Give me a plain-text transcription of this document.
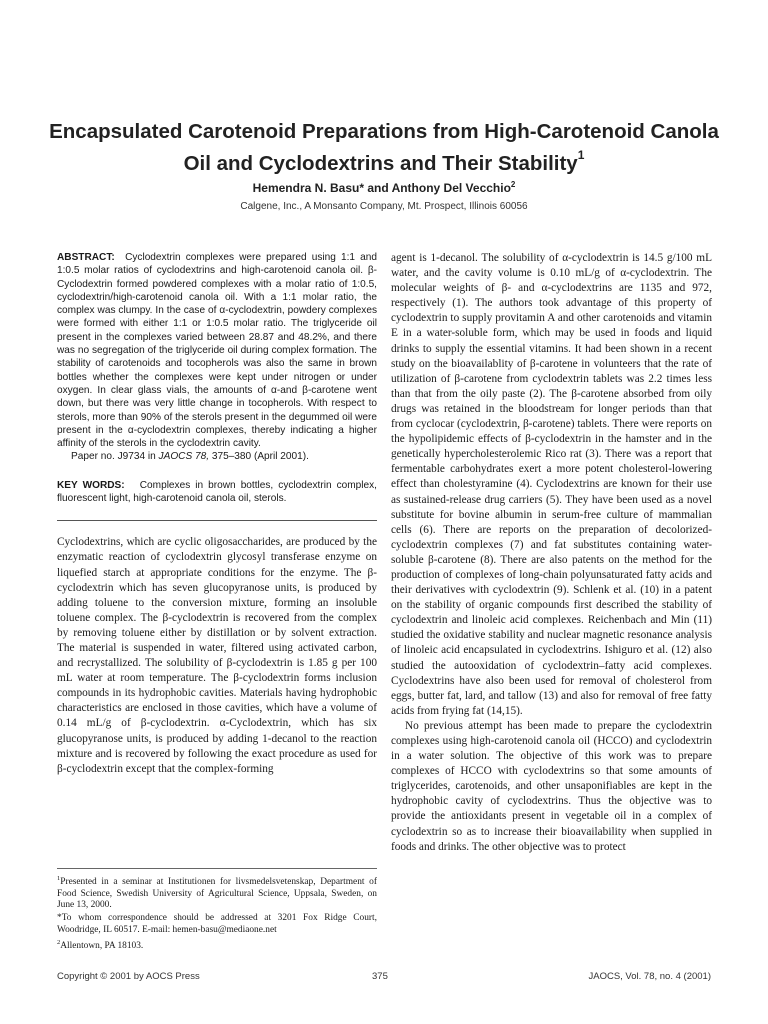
Encapsulated Carotenoid Preparations from High-Carotenoid Canola Oil and Cyclodextrins and Their Stability$^1$
Hemendra N. Basu* and Anthony Del Vecchio$^2$
Calgene, Inc., A Monsanto Company, Mt. Prospect, Illinois 60056

ABSTRACT: Cyclodextrin complexes were prepared using 1:1 and 1:0.5 molar ratios of cyclodextrins and high-carotenoid canola oil. β-Cyclodextrin formed powdered complexes with a molar ratio of 1:0.5, cyclodextrin/high-carotenoid canola oil. With a 1:1 molar ratio, the complex was clumpy. In the case of α-cyclodextrin, powdery complexes were formed with either 1:1 or 1:0.5 molar ratio. The triglyceride oil present in the complexes varied between 28.87 and 48.2%, and there was no segregation of the triglyceride oil during complex formation. The stability of carotenoids and tocopherols was also the same in brown bottles whether the complexes were kept under nitrogen or under oxygen. In clear glass vials, the amounts of α-and β-carotene went down, but there was very little change in tocopherols. With respect to sterols, more than 90% of the sterols present in the degummed oil were present in the α-cyclodextrin complexes, thereby indicating a higher affinity of the sterols in the cyclodextrin cavity.

Paper no. J9734 in JAOCS 78, 375–380 (April 2001).

KEY WORDS: Complexes in brown bottles, cyclodextrin complex, fluorescent light, high-carotenoid canola oil, sterols.

Cyclodextrins, which are cyclic oligosaccharides, are produced by the enzymatic reaction of cyclodextrin glycosyl transferase enzyme on liquefied starch at appropriate conditions for the enzyme. The β-cyclodextrin which has seven glucopyranose units, is produced by adding toluene to the conversion mixture, forming an insoluble toluene complex. The β-cyclodextrin is recovered from the complex by removing toluene either by distillation or by solvent extraction. The material is suspended in water, filtered using activated carbon, and recrystallized. The solubility of β-cyclodextrin is 1.85 g per 100 mL water at room temperature. The β-cyclodextrin forms inclusion compounds in its hydrophobic cavities. Materials having hydrophobic characteristics are enclosed in those cavities, which have a volume of 0.14 mL/g of β-cyclodextrin. α-Cyclodextrin, which has six glucopyranose units, is produced by adding 1-decanol to the reaction mixture and is recovered by following the exact procedure as used for β-cyclodextrin except that the complex-forming

$^1$Presented in a seminar at Institutionen for livsmedelsvetenskap, Department of Food Science, Swedish University of Agricultural Science, Uppsala, Sweden, on June 13, 2000.

*To whom correspondence should be addressed at 3201 Fox Ridge Court, Woodridge, IL 60517. E-mail: hemen-basu@mediaone.net

$^2$Allentown, PA 18103.

agent is 1-decanol. The solubility of α-cyclodextrin is 14.5 g/100 mL water, and the cavity volume is 0.10 mL/g of α-cyclodextrin. The molecular weights of β- and α-cyclodextrins are 1135 and 972, respectively (1). The authors took advantage of this property of cyclodextrin to supply provitamin A and other carotenoids and vitamin E in a water-soluble form, which may be used in foods and liquid drinks to supply the essential vitamins. It had been shown in a recent study on the bioavailablity of β-carotene in volunteers that the rate of utilization of β-carotene from cyclodextrin tablets was 2.2 times less than that from the oily paste (2). The β-carotene absorbed from oily drugs was retained in the bloodstream for longer periods than that from cyclocar (cyclodextrin, β-carotene) tablets. There were reports on the hypolipidemic effects of β-cyclodextrin in the hamster and in the genetically hypercholesterolemic Rico rat (3). There was a report that fermentable carbohydrates exert a more potent cholesterol-lowering effect than cholestyramine (4). Cyclodextrins are known for their use as sustained-release drug carriers (5). They have been used as a novel substitute for bovine albumin in serum-free culture of mammalian cells (6). There are reports on the preparation of decolorized-cyclodextrin complexes (7) and fat substitutes containing water-soluble β-carotene (8). There are also patents on the method for the production of complexes of long-chain polyunsaturated fatty acids and their derivatives with cyclodextrin (9). Schlenk et al. (10) in a patent on the stability of organic compounds first described the stability of cyclodextrin and linoleic acid complexes. Reichenbach and Min (11) studied the oxidative stability and nuclear magnetic resonance analysis of linoleic acid encapsulated in cyclodextrins. Ishiguro et al. (12) also studied the autooxidation of cyclodextrin–fatty acid complexes. Cyclodextrins have also been used for removal of cholesterol from eggs, butter fat, lard, and tallow (13) and also for removal of free fatty acids from frying fat (14,15).

No previous attempt has been made to prepare the cyclodextrin complexes using high-carotenoid canola oil (HCCO) and cyclodextrin in a water solution. The objective of this work was to prepare complexes of HCCO with cyclodextrins so that some amounts of triglycerides, carotenoids, and other unsaponifiables are kept in the hydrophobic cavity of cyclodextrins. Thus the objective was to provide the antioxidants present in vegetable oil in a complex of cyclodextrin so as to increase their bioavailability when supplied in foods and drinks. The other objective was to protect

Copyright © 2001 by AOCS Press	375	JAOCS, Vol. 78, no. 4 (2001)
